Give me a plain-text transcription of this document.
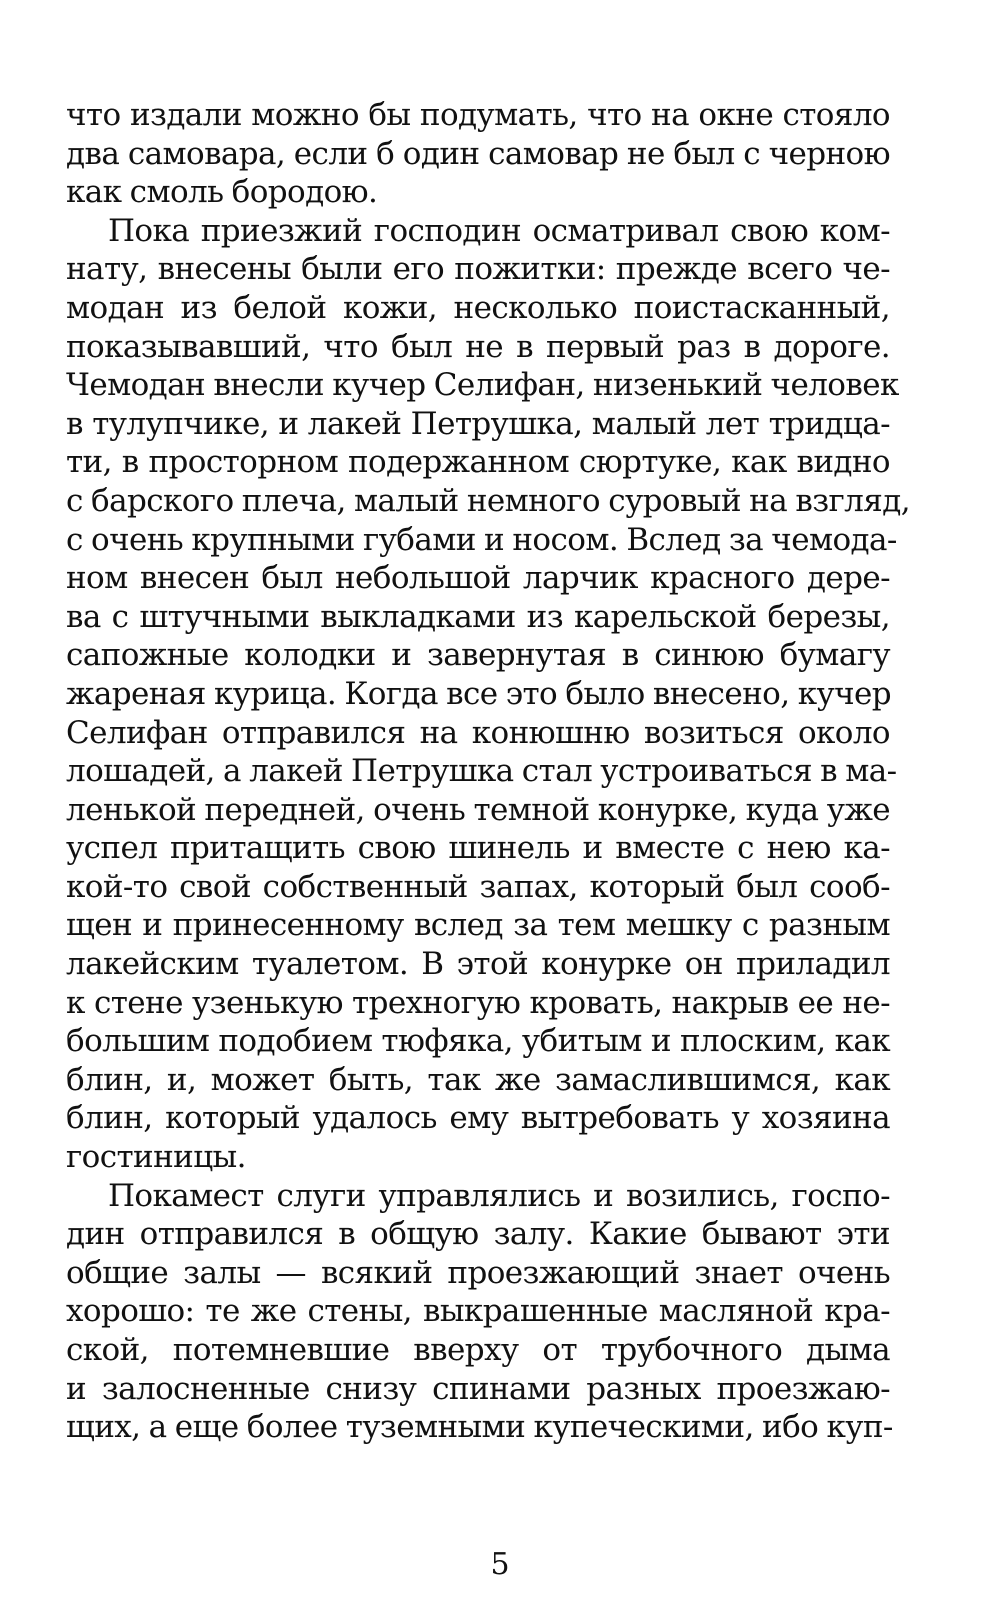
что издали можно бы подумать, что на окне стояло
два самовара, если б один самовар не был с черною
как смоль бородою.
Пока приезжий господин осматривал свою ком-
нату, внесены были его пожитки: прежде всего че-
модан из белой кожи, несколько поистасканный,
показывавший, что был не в первый раз в дороге.
Чемодан внесли кучер Селифан, низенький человек
в тулупчике, и лакей Петрушка, малый лет тридца-
ти, в просторном подержанном сюртуке, как видно
с барского плеча, малый немного суровый на взгляд,
с очень крупными губами и носом. Вслед за чемода-
ном внесен был небольшой ларчик красного дере-
ва с штучными выкладками из карельской березы,
сапожные колодки и завернутая в синюю бумагу
жареная курица. Когда все это было внесено, кучер
Селифан отправился на конюшню возиться около
лошадей, а лакей Петрушка стал устроиваться в ма-
ленькой передней, очень темной конурке, куда уже
успел притащить свою шинель и вместе с нею ка-
кой-то свой собственный запах, который был сооб-
щен и принесенному вслед за тем мешку с разным
лакейским туалетом. В этой конурке он приладил
к стене узенькую трехногую кровать, накрыв ее не-
большим подобием тюфяка, убитым и плоским, как
блин, и, может быть, так же замаслившимся, как
блин, который удалось ему вытребовать у хозяина
гостиницы.
Покамест слуги управлялись и возились, госпо-
дин отправился в общую залу. Какие бывают эти
общие залы — всякий проезжающий знает очень
хорошо: те же стены, выкрашенные масляной кра-
ской, потемневшие вверху от трубочного дыма
и залосненные снизу спинами разных проезжаю-
щих, а еще более туземными купеческими, ибо куп-
5
